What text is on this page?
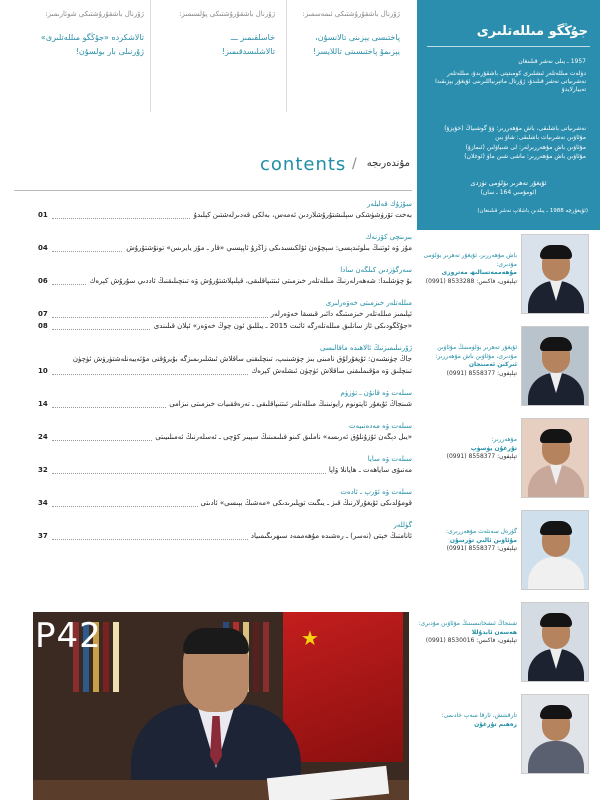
ژۇرنال باشقۇرۇشتىكى ئىمەسمىز:
پاختىسى يېزىنى تالانسۇن،
يېزىمۇ پاختىسىنى تاللايسز!
ژۇرنال باشقۇرۇشتىكى پۇلسىمىز:
خاسلقىمىز ـــ
تالاشلىسدقىمىز!
ژۇرنال باشقۇرۇشتىكى شوئارىمىز:
تالاشكردە «جۇڭگو مىللەتلىرى»
ژۇرنىلى بار بولسۇن!
contents / مۇندەرىجە
سۇژۇك قەلبلەر
01	بەخت تۆرۈشۈشكى سېلىشتۇرۇشلاردىن ئەمەس، بەلكى قەدىرلەشتىن كېلىدۇ
بىرىنچى كۆزنەك
04	مۇز ۋە ئوتنىڭ بىلوئىدېسى: سېچۇەن ئۆلكىسىدىكى زاڭزۇ ئاپېسىي «قار ـ مۇز يايرىس» تونۇشتۇرۇش
سەرگۈزدىن كىلگەن سادا
06	بۇ چۈشلىدا: شەھەرلەرنىڭ مىللەتلەر خىزمىتى ئىتتىپاقلىقى، قېلىپلاشتۇرۇش ۋە تىنچىلىقنىڭ ئاددىي سۇرۇش كېرەك
مىللەتلەر خىزمىتى خەۋەرلىرى
07	ئېلىمىز مىللەتلەر خىزمىتىگە دائىر قىسقا خەۋەرلەر
08	«جۇڭگودىكى ئاز سانلىق مىللەتلەرگە ئائىت 2015 ـ يىللىق ئون چوڭ خەۋەر» ئېلان قىلىندى
ژۇرنىلىمىزنىڭ ئالاھىدە ماقالىسى
جاڭ چۈنشىەن: ئۇيغۇرلۇق نامىنى بىز چۈشىنىپ، تىنچلىقنى ساقلاش ئىشلىرىمىزگە بۇيرۇقنى مۇئەييەنلەشتۈرۈش ئۈچۈن
10	تىنچلىق ۋە مۇقىملىقنى ساقلاش ئۈچۈن ئىشلەش كېرەك
سىلەت ۋە قانۇن ـ تۈزۈم
14	شىنجاڭ ئۇيغۇر ئاپتونوم رايونىنىڭ مىللەتلەر ئىتتىپاقلىقى ـ تەرەققىيات خىزمىتى نىزامى
سىلەت ۋە مەدەنىيەت
24	«يىل دېگەن ئۇزۇنلۇق ئەرىسە» ناملىق كىنو فىلىمىنىڭ سېيىر كۆچى ـ ئەسلەرنىڭ ئەمىلىيىتى
سىلەت ۋە سايا
32	مەنىۋى ساياھەت ـ ھايانلا ۋاپا
سىلەت ۋە ئۆرپ ـ ئادەت
34	قومۇلدىكى ئۇيغۇرلارنىڭ قىز ـ يىگىت توپلىرىدىكى «مەشىڭ بېىسى» ئادىتى
گۈللەر
37	ئانامنىڭ خېتى (نەسر) ـ رەشىدە مۇھەممەد سىھرىگىمىياد
★
P42
جۇڭگو مىللەتلىرى
1957 ـ يىلى نەشر قىلىنغان
دۆلەت مىللەتلەر ئىشلىرى كومىتېتى باشقۇرىدۇ، مىللەتلەر نەشرىياتى نەشر قىلىدۇ، ژۇرنال ماتېرىياللىرىنى ئۇيغۇر يېزىقىدا تەييارلايدۇ
نەشرىياتى باشلىقى، باش مۇھەررىر: ۋۇ گوشىياڭ (خۇيزۇ)
مۇئاۋىن نەشرىيات باشلىقى: شاۋ يىن
مۇئاۋىن باش مۇھەررىرلەر: لى شىياۋلىن (ئىمازۇ)
مۇئاۋىن باش مۇھەررىر: ماشى شىن ماۋ (ئوغلان)
ئۇيغۇر تەھرىر بۆلۈمى تۈزدى
(ئومۇمىي 164 ـ سان)
(ئۇيغۇرچە 1988 ـ يىلدىن باشلاپ نەشر قىلىنغان)
باش مۇھەررىر، ئۇيغۇر تەھرىر بۆلۈمى مۇدىرى:
مۇھەممەتسالىھ مەتروزى
تېلېفون، فاكىس: 8533288 (0991)
ئۇيغۇر تەھرىر بۆلۈمىنىڭ مۇئاۋىن مۇدىرى، مۇئاۋىن باش مۇھەررىر:
ئىركىن ئەمىنجان
تېلېفون: 8558377 (0991)
مۇھەررىر:
تۇرغۇن يۈسۈپ
تېلېفون: 8558377 (0991)
گۈزەل سەنئەت مۇھەررىرى:
مۇئاۋىن ئالىي تۈرسۇن
تېلېفون: 8558377 (0991)
شىنجاڭ ئىشخانىسىنىڭ مۇئاۋىن مۇدىرى:
ھەسەن ئابدۇللا
تېلېفون، فاكىس: 8530016 (0991)
تارقىتىش، ئارقا سەپ خادىمى:
رەھىم تۇرغۇن
